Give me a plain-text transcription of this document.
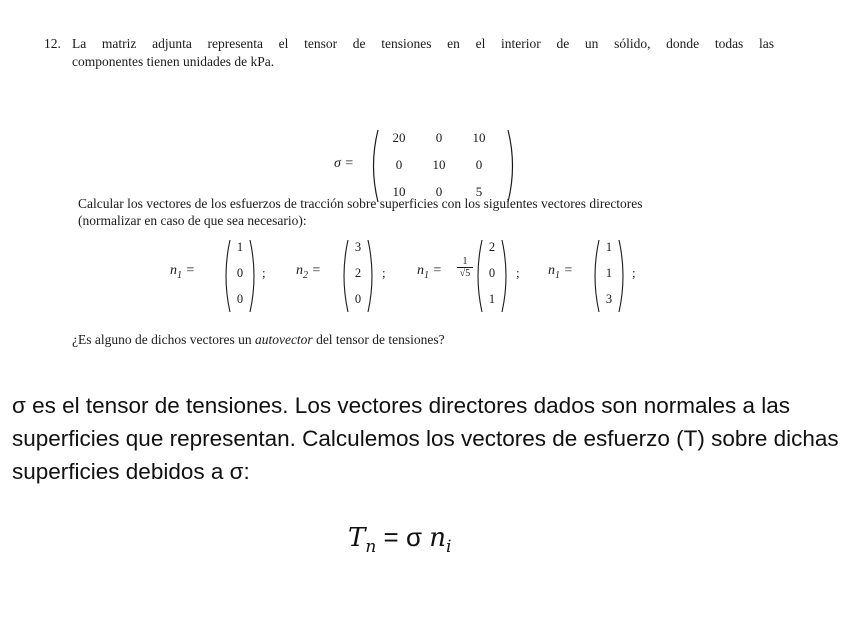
12. La matriz adjunta representa el tensor de tensiones en el interior de un sólido, donde todas las
componentes tienen unidades de kPa.
σ =
20	0	10
0	10	0
10	0	5
Calcular los vectores de los esfuerzos de tracción sobre superficies con los siguientes vectores directores
(normalizar en caso de que sea necesario):
$n_1$ =
1
0
0
; $n_2$ =
3
2
0
; $n_1$ =
1
√5
2
0
1
; $n_1$ =
1
1
3
;
¿Es alguno de dichos vectores un autovector del tensor de tensiones?
σ es el tensor de tensiones. Los vectores directores dados son normales a las superficies que representan. Calculemos los vectores de esfuerzo (T) sobre dichas superficies debidos a σ:
$T_n = \sigma$ $n_i$
